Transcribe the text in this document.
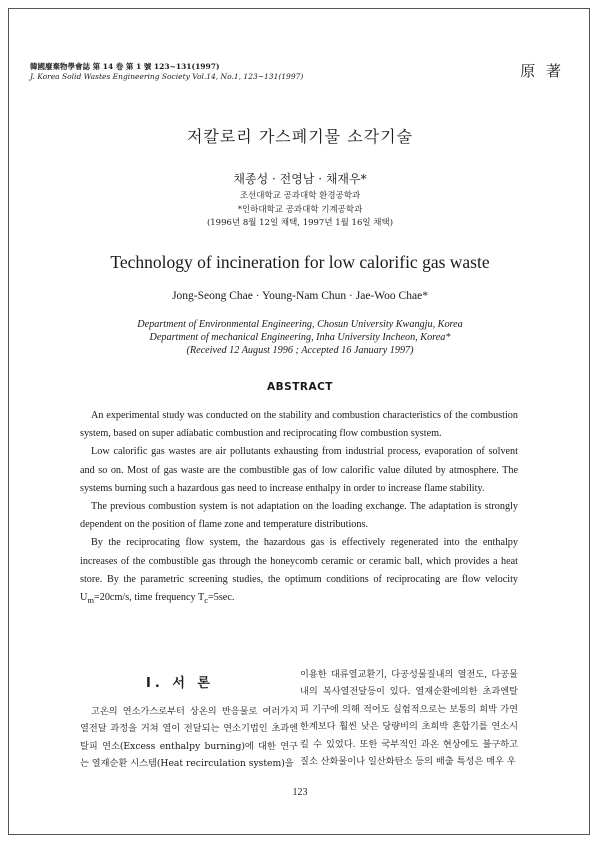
韓國廢棄物學會誌 第 14 卷 第 1 號 123~131(1997)
J. Korea Solid Wastes Engineering Society Vol.14, No.1, 123~131(1997)	原 著
저칼로리 가스폐기물 소각기술
채종성 · 전영남 · 채재우*
조선대학교 공과대학 환경공학과
*인하대학교 공과대학 기계공학과
(1996년 8월 12일 채택, 1997년 1월 16일 채택)
Technology of incineration for low calorific gas waste
Jong-Seong Chae · Young-Nam Chun · Jae-Woo Chae*
Department of Environmental Engineering, Chosun University Kwangju, Korea
Department of mechanical Engineering, Inha University Incheon, Korea*
(Received 12 August 1996 ; Accepted 16 January 1997)
ABSTRACT

An experimental study was conducted on the stability and combustion characteristics of the combustion system, based on super adiabatic combustion and reciprocating flow combustion system.

Low calorific gas wastes are air pollutants exhausting from industrial process, evaporation of solvent and so on. Most of gas waste are the combustible gas of low calorific value diluted by atmosphere. The systems burning such a hazardous gas need to increase enthalpy in order to increase flame stability.

The previous combustion system is not adaptation on the loading exchange. The adaptation is strongly dependent on the position of flame zone and temperature distributions.

By the reciprocating flow system, the hazardous gas is effectively regenerated into the enthalpy increases of the combustible gas through the honeycomb ceramic or ceramic ball, which provides a heat store. By the parametric screening studies, the optimum conditions of reciprocating are flow velocity $U_m=20cm/s$, time frequency $T_c=5\sec$.

I. 서 론

고온의 연소가스로부터 상온의 반응물로 여러가지 열전달 과정을 거쳐 열이 전달되는 연소기법인 초과엔탈피 연소(Excess enthalpy burning)에 대한 연구는 열재순환 시스템(Heat recirculation system)을

이용한 대류열교환기, 다공성물질내의 열전도, 다공물내의 복사열전달등이 있다. 열재순환에의한 초과엔탈피 기구에 의해 적어도 실험적으로는 보통의 희박 가연한계보다 훨씬 낮은 당량비의 초희박 혼합기를 연소시킬 수 있었다. 또한 국부적인 과온 현상에도 불구하고 질소 산화물이나 일산화탄소 등의 배출 특성은 매우 우

123
